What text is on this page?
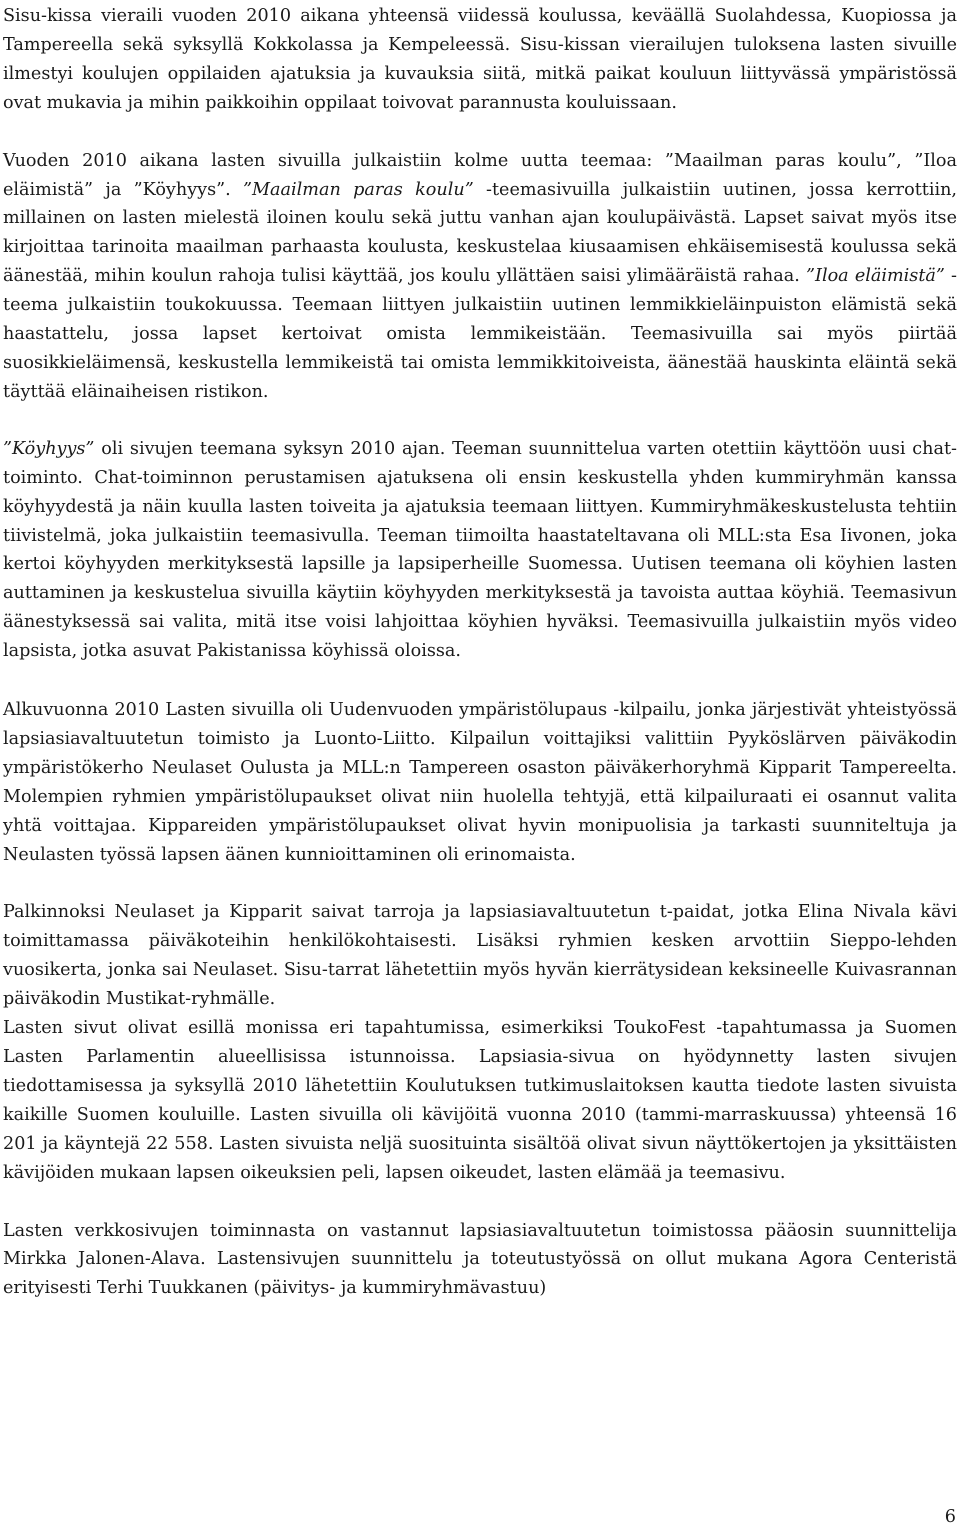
Sisu-kissa vieraili vuoden 2010 aikana yhteensä viidessä koulussa, keväällä Suolahdessa, Kuopiossa ja Tampereella sekä syksyllä Kokkolassa ja Kempeleessä. Sisu-kissan vierailujen tuloksena lasten sivuille ilmestyi koulujen oppilaiden ajatuksia ja kuvauksia siitä, mitkä paikat kouluun liittyvässä ympäristössä ovat mukavia ja mihin paikkoihin oppilaat toivovat parannusta kouluissaan.

Vuoden 2010 aikana lasten sivuilla julkaistiin kolme uutta teemaa: ”Maailman paras koulu”, ”Iloa eläimistä” ja ”Köyhyys”. ”Maailman paras koulu” -teemasivuilla julkaistiin uutinen, jossa kerrottiin, millainen on lasten mielestä iloinen koulu sekä juttu vanhan ajan koulupäivästä. Lapset saivat myös itse kirjoittaa tarinoita maailman parhaasta koulusta, keskustelaa kiusaamisen ehkäisemisestä koulussa sekä äänestää, mihin koulun rahoja tulisi käyttää, jos koulu yllättäen saisi ylimääräistä rahaa. ”Iloa eläimistä” -teema julkaistiin toukokuussa. Teemaan liittyen julkaistiin uutinen lemmikkieläinpuiston elämistä sekä haastattelu, jossa lapset kertoivat omista lemmikeistään. Teemasivuilla sai myös piirtää suosikkieläimensä, keskustella lemmikeistä tai omista lemmikkitoiveista, äänestää hauskinta eläintä sekä täyttää eläinaiheisen ristikon.

”Köyhyys” oli sivujen teemana syksyn 2010 ajan. Teeman suunnittelua varten otettiin käyttöön uusi chat-toiminto. Chat-toiminnon perustamisen ajatuksena oli ensin keskustella yhden kummiryhmän kanssa köyhyydestä ja näin kuulla lasten toiveita ja ajatuksia teemaan liittyen. Kummiryhmäkeskustelusta tehtiin tiivistelmä, joka julkaistiin teemasivulla. Teeman tiimoilta haastateltavana oli MLL:sta Esa Iivonen, joka kertoi köyhyyden merkityksestä lapsille ja lapsiperheille Suomessa. Uutisen teemana oli köyhien lasten auttaminen ja keskustelua sivuilla käytiin köyhyyden merkityksestä ja tavoista auttaa köyhiä. Teemasivun äänestyksessä sai valita, mitä itse voisi lahjoittaa köyhien hyväksi. Teemasivuilla julkaistiin myös video lapsista, jotka asuvat Pakistanissa köyhissä oloissa.

Alkuvuonna 2010 Lasten sivuilla oli Uudenvuoden ympäristölupaus -kilpailu, jonka järjestivät yhteistyössä lapsiasiavaltuutetun toimisto ja Luonto-Liitto. Kilpailun voittajiksi valittiin Pyyköslärven päiväkodin ympäristökerho Neulaset Oulusta ja MLL:n Tampereen osaston päiväkerhoryhmä Kipparit Tampereelta. Molempien ryhmien ympäristölupaukset olivat niin huolella tehtyjä, että kilpailuraati ei osannut valita yhtä voittajaa. Kippareiden ympäristölupaukset olivat hyvin monipuolisia ja tarkasti suunniteltuja ja Neulasten työssä lapsen äänen kunnioittaminen oli erinomaista.

Palkinnoksi Neulaset ja Kipparit saivat tarroja ja lapsiasiavaltuutetun t-paidat, jotka Elina Nivala kävi toimittamassa päiväkoteihin henkilökohtaisesti. Lisäksi ryhmien kesken arvottiin Sieppo-lehden vuosikerta, jonka sai Neulaset. Sisu-tarrat lähetettiin myös hyvän kierrätysidean keksineelle Kuivasrannan päiväkodin Mustikat-ryhmälle.

Lasten sivut olivat esillä monissa eri tapahtumissa, esimerkiksi ToukoFest -tapahtumassa ja Suomen Lasten Parlamentin alueellisissa istunnoissa. Lapsiasia-sivua on hyödynnetty lasten sivujen tiedottamisessa ja syksyllä 2010 lähetettiin Koulutuksen tutkimuslaitoksen kautta tiedote lasten sivuista kaikille Suomen kouluille. Lasten sivuilla oli kävijöitä vuonna 2010 (tammi-marraskuussa) yhteensä 16 201 ja käyntejä 22 558. Lasten sivuista neljä suosituinta sisältöä olivat sivun näyttökertojen ja yksittäisten kävijöiden mukaan lapsen oikeuksien peli, lapsen oikeudet, lasten elämää ja teemasivu.

Lasten verkkosivujen toiminnasta on vastannut lapsiasiavaltuutetun toimistossa pääosin suunnittelija Mirkka Jalonen-Alava. Lastensivujen suunnittelu ja toteutustyössä on ollut mukana Agora Centeristä erityisesti Terhi Tuukkanen (päivitys- ja kummiryhmävastuu)

6
